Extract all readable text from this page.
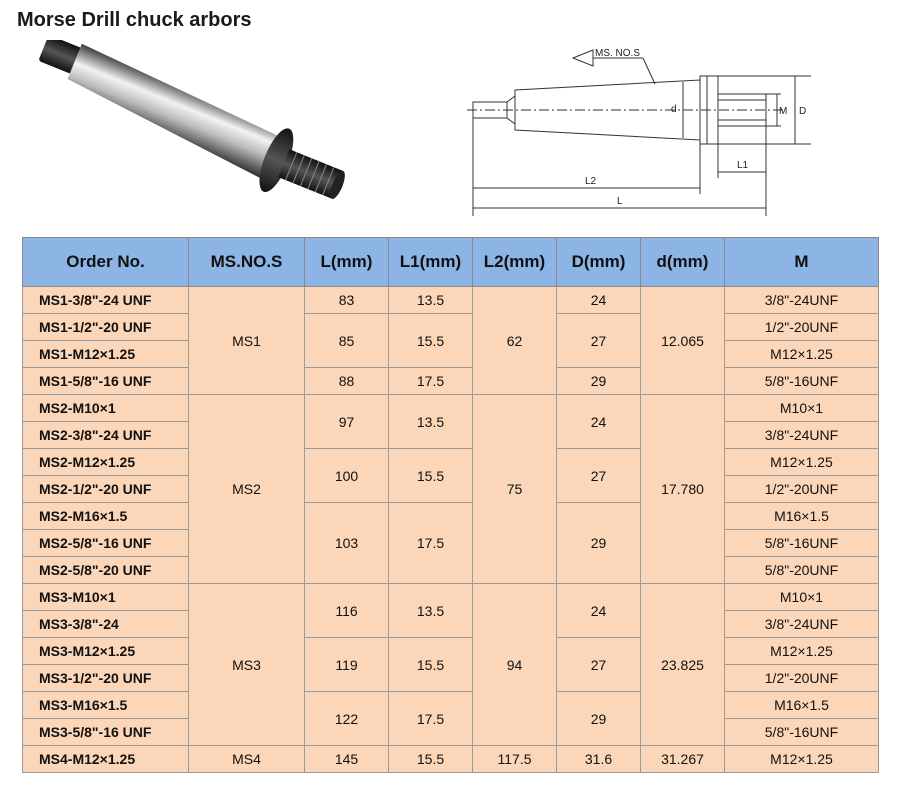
Morse Drill chuck arbors
MS. NO.S
d	M D
L1
L2
L
Order No.	MS.NO.S	L(mm)	L1(mm)	L2(mm)	D(mm)	d(mm)	M
MS1-3/8"-24 UNF	MS1	83	13.5	62	24	12.065	3/8"-24UNF
MS1-1/2"-20 UNF		85	15.5		27		1/2"-20UNF
MS1-M12×1.25							M12×1.25
MS1-5/8"-16 UNF		88	17.5		29		5/8"-16UNF
MS2-M10×1	MS2	97	13.5	75	24	17.780	M10×1
MS2-3/8"-24 UNF							3/8"-24UNF
MS2-M12×1.25		100	15.5		27		M12×1.25
MS2-1/2"-20 UNF							1/2"-20UNF
MS2-M16×1.5		103	17.5		29		M16×1.5
MS2-5/8"-16 UNF							5/8"-16UNF
MS2-5/8"-20 UNF							5/8"-20UNF
MS3-M10×1	MS3	116	13.5	94	24	23.825	M10×1
MS3-3/8"-24							3/8"-24UNF
MS3-M12×1.25		119	15.5		27		M12×1.25
MS3-1/2"-20 UNF							1/2"-20UNF
MS3-M16×1.5		122	17.5		29		M16×1.5
MS3-5/8"-16 UNF							5/8"-16UNF
MS4-M12×1.25	MS4	145	15.5	117.5	31.6	31.267	M12×1.25
